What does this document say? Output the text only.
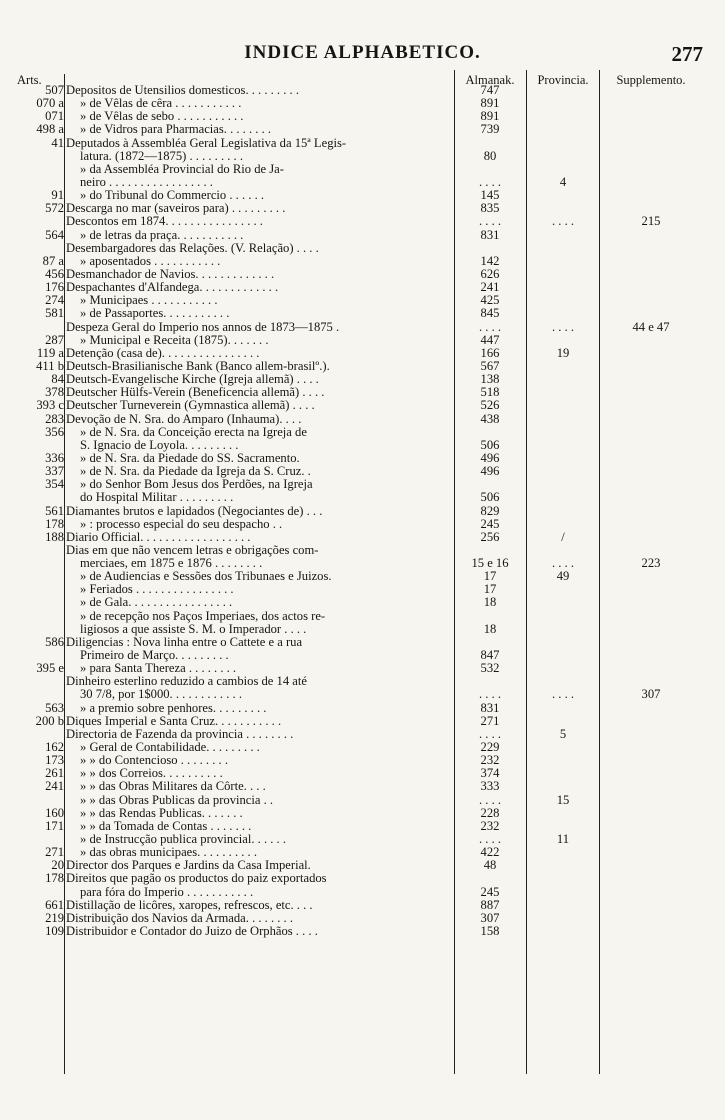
INDICE ALPHABETICO.	277
Arts.	Almanak.	Provincia.	Supplemento.
507 Depositos de Utensilios domesticos. . . . . . . . .	747
070 a » de Vêlas de cêra . . . . . . . . . . .	891
071 » de Vêlas de sebo . . . . . . . . . . .	891
498 a » de Vidros para Pharmacias. . . . . . . .	739
41 Deputados à Assembléa Geral Legislativa da 15ª Legis-
latura. (1872—1875) . . . . . . . . .	80
» da Assembléa Provincial do Rio de Ja-
neiro . . . . . . . . . . . . . . . . .	. . . .	4
91 » do Tribunal do Commercio . . . . . .	145
572 Descarga no mar (saveiros para) . . . . . . . . .	835
Descontos em 1874. . . . . . . . . . . . . . . .	. . . .	. . . .	215
564 » de letras da praça. . . . . . . . . . .	831
Desembargadores das Relações. (V. Relação) . . . .
87 a » aposentados . . . . . . . . . . .	142
456 Desmanchador de Navios. . . . . . . . . . . . .	626
176 Despachantes d'Alfandega. . . . . . . . . . . . .	241
274 » Municipaes . . . . . . . . . . .	425
581 » de Passaportes. . . . . . . . . . .	845
Despeza Geral do Imperio nos annos de 1873—1875 .	. . . .	. . . .	44 e 47
287 » Municipal e Receita (1875). . . . . . .	447
119 a Detenção (casa de). . . . . . . . . . . . . . . .	166	19
411 b Deutsch-Brasilianische Bank (Banco allem-brasilº.).	567
84 Deutsch-Evangelische Kirche (Igreja allemã) . . . .	138
378 Deutscher Hülfs-Verein (Beneficencia allemã) . . . .	518
393 c Deutscher Turneverein (Gymnastica allemã) . . . .	526
283 Devoção de N. Sra. do Amparo (Inhauma). . . .	438
356 » de N. Sra. da Conceição erecta na Igreja de
S. Ignacio de Loyola. . . . . . . . .	506
336 » de N. Sra. da Piedade do SS. Sacramento.	496
337 » de N. Sra. da Piedade da Igreja da S. Cruz. .	496
354 » do Senhor Bom Jesus dos Perdões, na Igreja
do Hospital Militar . . . . . . . . .	506
561 Diamantes brutos e lapidados (Negociantes de) . . .	829
178 » : processo especial do seu despacho . .	245
188 Diario Official. . . . . . . . . . . . . . . . . .	256	/
Dias em que não vencem letras e obrigações com-
merciaes, em 1875 e 1876 . . . . . . . .	15 e 16	. . . .	223
» de Audiencias e Sessões dos Tribunaes e Juizos.	17	49
» Feriados . . . . . . . . . . . . . . . .	17
» de Gala. . . . . . . . . . . . . . . . .	18
» de recepção nos Paços Imperiaes, dos actos re-
ligiosos a que assiste S. M. o Imperador . . . .	18
586 Diligencias : Nova linha entre o Cattete e a rua
Primeiro de Março. . . . . . . . .	847
395 e » para Santa Thereza . . . . . . . .	532
Dinheiro esterlino reduzido a cambios de 14 até
30 7/8, por 1$000. . . . . . . . . . . .	. . . .	. . . .	307
563 » a premio sobre penhores. . . . . . . . .	831
200 b Diques Imperial e Santa Cruz. . . . . . . . . . .	271
Directoria de Fazenda da provincia . . . . . . . .	. . . .	5
162 » Geral de Contabilidade. . . . . . . . .	229
173 » » do Contencioso . . . . . . . .	232
261 » » dos Correios. . . . . . . . . .	374
241 » » das Obras Militares da Côrte. . . .	333
» » das Obras Publicas da provincia . .	. . . .	15
160 » » das Rendas Publicas. . . . . . .	228
171 » » da Tomada de Contas . . . . . . .	232
» de Instrucção publica provincial. . . . . .	. . . .	11
271 » das obras municipaes. . . . . . . . . .	422
20 Director dos Parques e Jardins da Casa Imperial.	48
178 Direitos que pagão os productos do paiz exportados
para fóra do Imperio . . . . . . . . . . .	245
661 Distillação de licôres, xaropes, refrescos, etc. . . .	887
219 Distribuição dos Navios da Armada. . . . . . . .	307
109 Distribuidor e Contador do Juizo de Orphãos . . . .	158
